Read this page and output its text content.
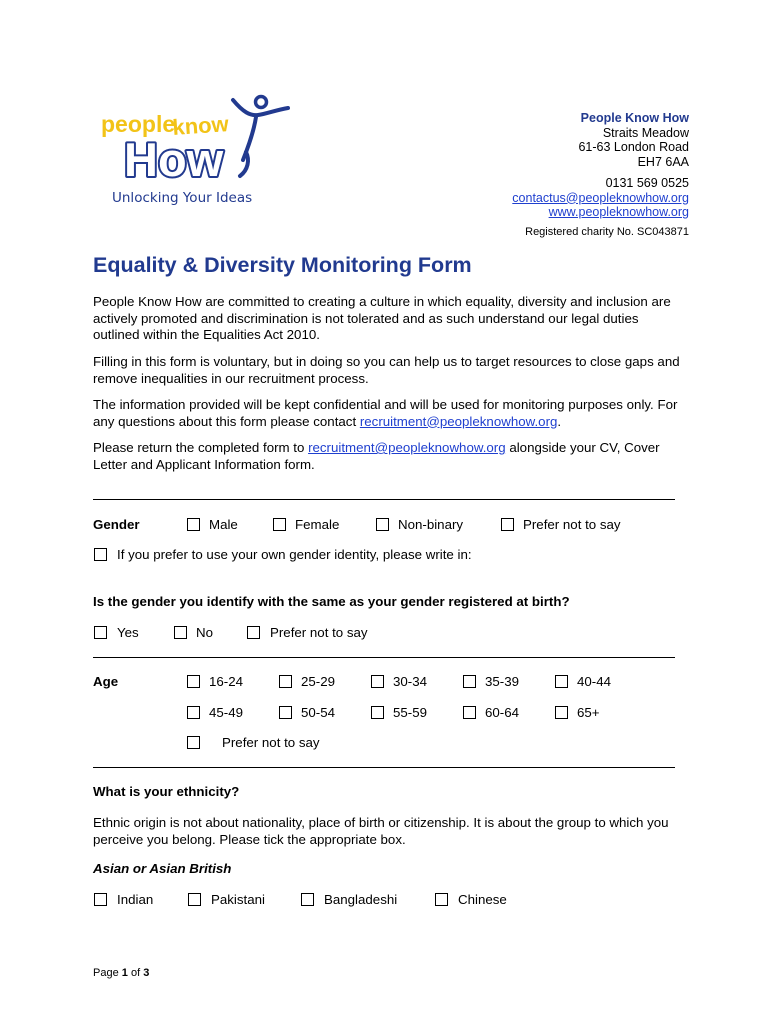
people
know
How
Unlocking Your Ideas
People Know How
Straits Meadow
61-63 London Road
EH7 6AA
0131 569 0525
contactus@peopleknowhow.org
www.peopleknowhow.org
Registered charity No. SC043871
Equality & Diversity Monitoring Form

People Know How are committed to creating a culture in which equality, diversity and inclusion are actively promoted and discrimination is not tolerated and as such understand our legal duties outlined within the Equalities Act 2010.

Filling in this form is voluntary, but in doing so you can help us to target resources to close gaps and remove inequalities in our recruitment process.

The information provided will be kept confidential and will be used for monitoring purposes only. For any questions about this form please contact recruitment@peopleknowhow.org.

Please return the completed form to recruitment@peopleknowhow.org alongside your CV, Cover Letter and Applicant Information form.

Gender	Male	Female	Non-binary	Prefer not to say
If you prefer to use your own gender identity, please write in:
Is the gender you identify with the same as your gender registered at birth?
Yes	No	Prefer not to say
Age	16-24	25-29	30-34	35-39	40-44
45-49	50-54	55-59	60-64	65+
Prefer not to say
What is your ethnicity?

Ethnic origin is not about nationality, place of birth or citizenship. It is about the group to which you perceive you belong. Please tick the appropriate box.

Asian or Asian British
Indian	Pakistani	Bangladeshi	Chinese
Page 1 of 3
